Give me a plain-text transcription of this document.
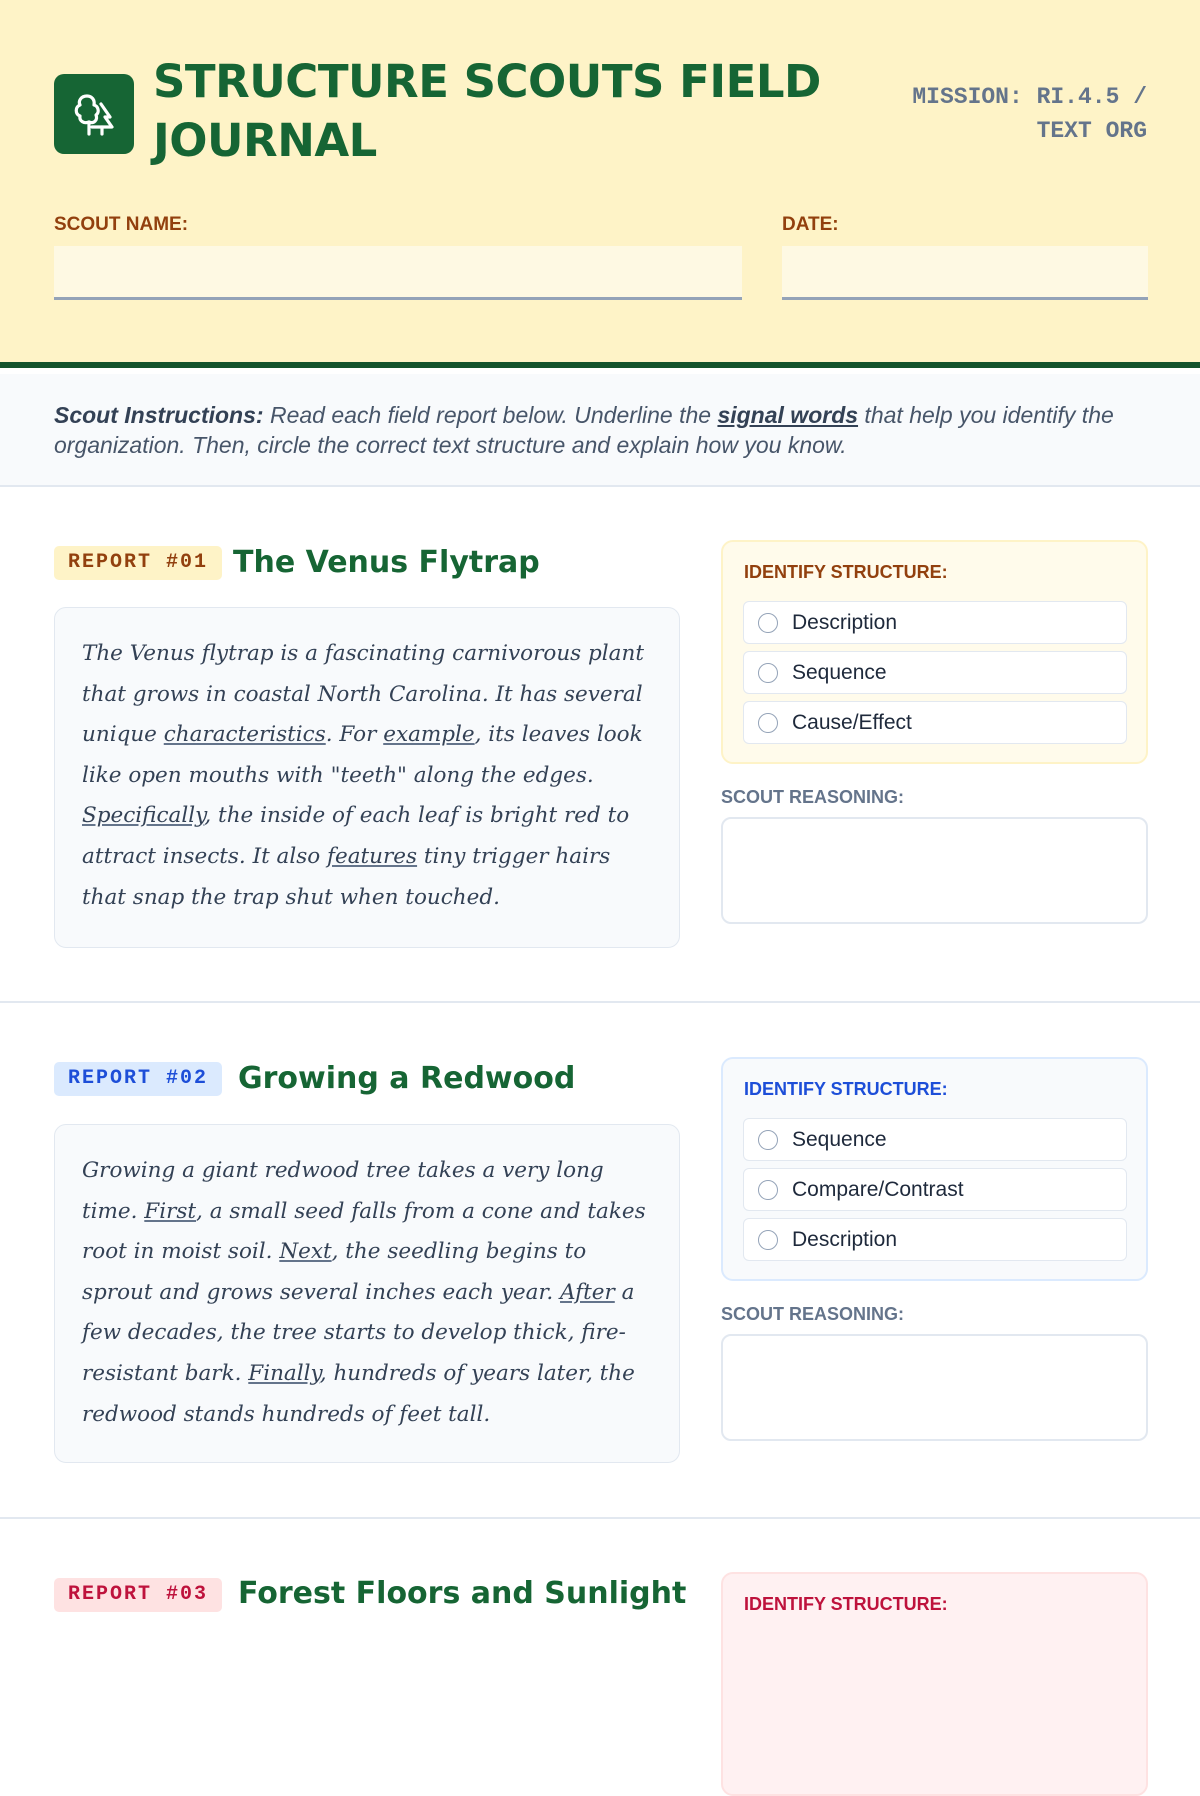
STRUCTURE SCOUTS FIELD JOURNAL
MISSION: RI.4.5 / TEXT ORG
SCOUT NAME:	DATE:
Scout Instructions: Read each field report below. Underline the signal words that help you identify the organization. Then, circle the correct text structure and explain how you know.
REPORT #01 The Venus Flytrap
The Venus flytrap is a fascinating carnivorous plant that grows in coastal North Carolina. It has several unique characteristics. For example, its leaves look like open mouths with "teeth" along the edges. Specifically, the inside of each leaf is bright red to attract insects. It also features tiny trigger hairs that snap the trap shut when touched.
IDENTIFY STRUCTURE:
Description
Sequence
Cause/Effect
SCOUT REASONING:
REPORT #02 Growing a Redwood
Growing a giant redwood tree takes a very long time. First, a small seed falls from a cone and takes root in moist soil. Next, the seedling begins to sprout and grows several inches each year. After a few decades, the tree starts to develop thick, fire-resistant bark. Finally, hundreds of years later, the redwood stands hundreds of feet tall.
IDENTIFY STRUCTURE:
Sequence
Compare/Contrast
Description
SCOUT REASONING:
REPORT #03 Forest Floors and Sunlight	IDENTIFY STRUCTURE:
